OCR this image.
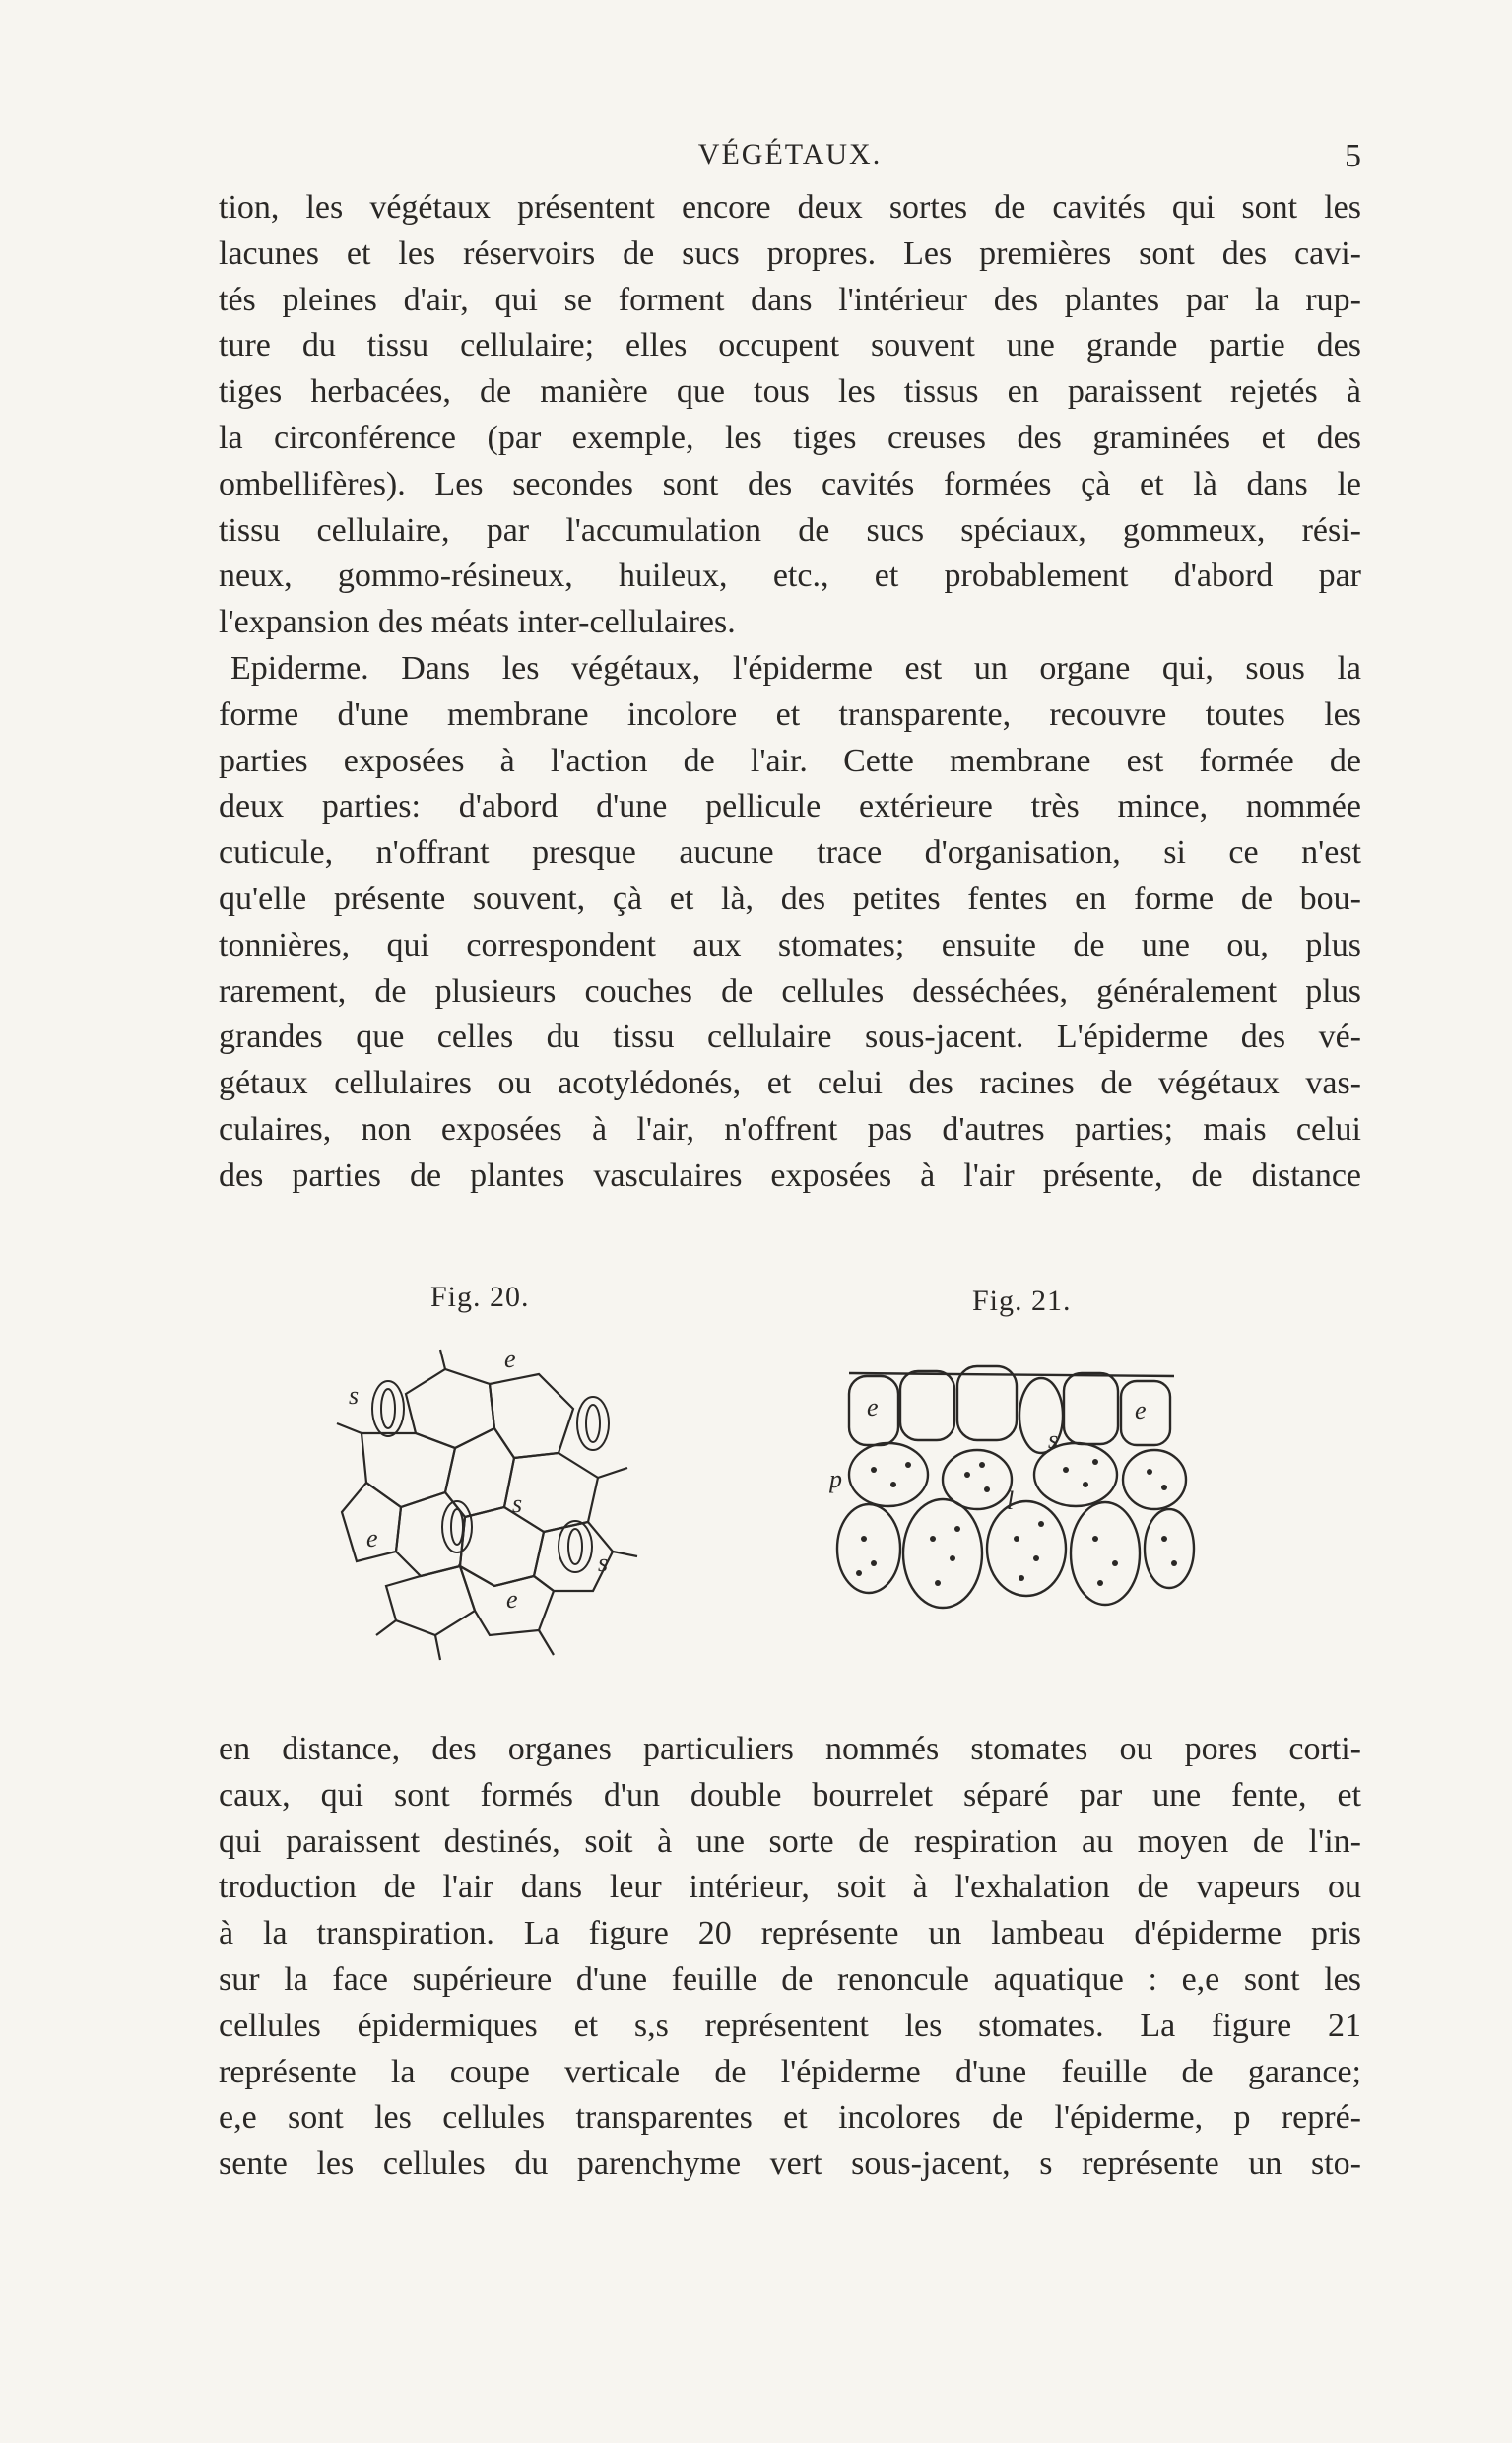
VÉGÉTAUX.	5
tion, les végétaux présentent encore deux sortes de cavités qui sont les
lacunes et les réservoirs de sucs propres. Les premières sont des cavi-
tés pleines d'air, qui se forment dans l'intérieur des plantes par la rup-
ture du tissu cellulaire; elles occupent souvent une grande partie des
tiges herbacées, de manière que tous les tissus en paraissent rejetés à
la circonférence (par exemple, les tiges creuses des graminées et des
ombellifères). Les secondes sont des cavités formées çà et là dans le
tissu cellulaire, par l'accumulation de sucs spéciaux, gommeux, rési-
neux, gommo-résineux, huileux, etc., et probablement d'abord par
l'expansion des méats inter-cellulaires.
Epiderme. Dans les végétaux, l'épiderme est un organe qui, sous la
forme d'une membrane incolore et transparente, recouvre toutes les
parties exposées à l'action de l'air. Cette membrane est formée de
deux parties: d'abord d'une pellicule extérieure très mince, nommée
cuticule, n'offrant presque aucune trace d'organisation, si ce n'est
qu'elle présente souvent, çà et là, des petites fentes en forme de bou-
tonnières, qui correspondent aux stomates; ensuite de une ou, plus
rarement, de plusieurs couches de cellules desséchées, généralement plus
grandes que celles du tissu cellulaire sous-jacent. L'épiderme des vé-
gétaux cellulaires ou acotylédonés, et celui des racines de végétaux vas-
culaires, non exposées à l'air, n'offrent pas d'autres parties; mais celui
des parties de plantes vasculaires exposées à l'air présente, de distance
Fig. 20.	Fig. 21.
e
s
s
e
s
e
e	e
p
s
l
en distance, des organes particuliers nommés stomates ou pores corti-
caux, qui sont formés d'un double bourrelet séparé par une fente, et
qui paraissent destinés, soit à une sorte de respiration au moyen de l'in-
troduction de l'air dans leur intérieur, soit à l'exhalation de vapeurs ou
à la transpiration. La figure 20 représente un lambeau d'épiderme pris
sur la face supérieure d'une feuille de renoncule aquatique : e,e sont les
cellules épidermiques et s,s représentent les stomates. La figure 21
représente la coupe verticale de l'épiderme d'une feuille de garance;
e,e sont les cellules transparentes et incolores de l'épiderme, p repré-
sente les cellules du parenchyme vert sous-jacent, s représente un sto-
